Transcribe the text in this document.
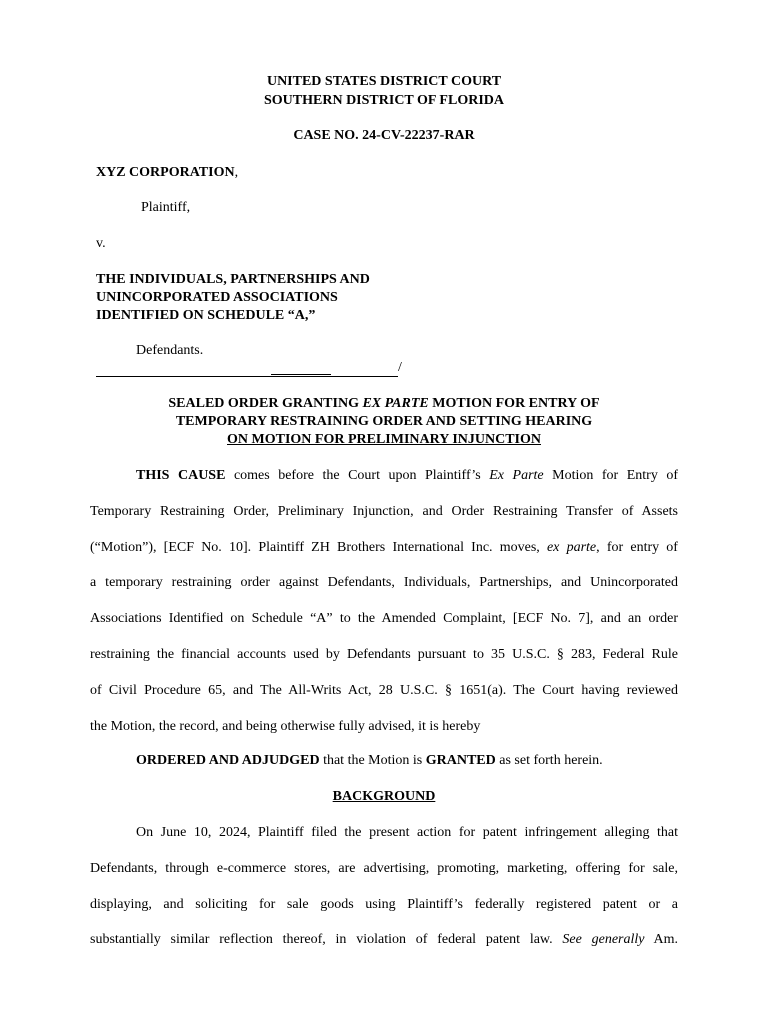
UNITED STATES DISTRICT COURT
SOUTHERN DISTRICT OF FLORIDA
CASE NO. 24-CV-22237-RAR
XYZ CORPORATION,
Plaintiff,
v.
THE INDIVIDUALS, PARTNERSHIPS AND
UNINCORPORATED ASSOCIATIONS
IDENTIFIED ON SCHEDULE “A,”
Defendants.
/
SEALED ORDER GRANTING EX PARTE MOTION FOR ENTRY OF
TEMPORARY RESTRAINING ORDER AND SETTING HEARING
ON MOTION FOR PRELIMINARY INJUNCTION
THIS CAUSE comes before the Court upon Plaintiff’s Ex Parte Motion for Entry of
Temporary Restraining Order, Preliminary Injunction, and Order Restraining Transfer of Assets
(“Motion”), [ECF No. 10]. Plaintiff ZH Brothers International Inc. moves, ex parte, for entry of
a temporary restraining order against Defendants, Individuals, Partnerships, and Unincorporated
Associations Identified on Schedule “A” to the Amended Complaint, [ECF No. 7], and an order
restraining the financial accounts used by Defendants pursuant to 35 U.S.C. § 283, Federal Rule
of Civil Procedure 65, and The All-Writs Act, 28 U.S.C. § 1651(a). The Court having reviewed
the Motion, the record, and being otherwise fully advised, it is hereby
ORDERED AND ADJUDGED that the Motion is GRANTED as set forth herein.
BACKGROUND
On June 10, 2024, Plaintiff filed the present action for patent infringement alleging that
Defendants, through e-commerce stores, are advertising, promoting, marketing, offering for sale,
displaying, and soliciting for sale goods using Plaintiff’s federally registered patent or a
substantially similar reflection thereof, in violation of federal patent law. See generally Am.
